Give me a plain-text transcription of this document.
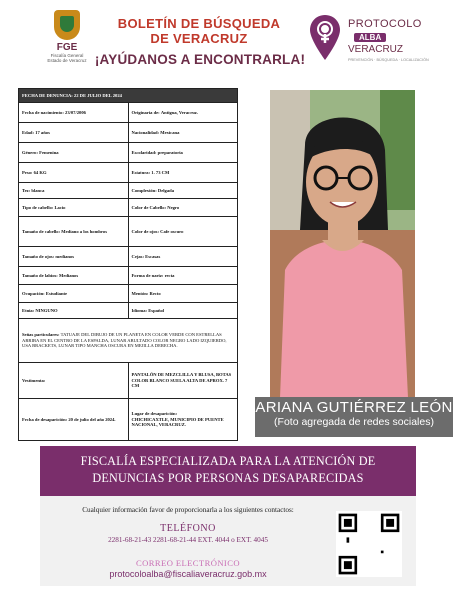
FGE
Fiscalía General
Estado de Veracruz
BOLETÍN DE BÚSQUEDA
DE VERACRUZ
¡AYÚDANOS A ENCONTRARLA!
PROTOCOLO
ALBA
VERACRUZ
PREVENCIÓN · BÚSQUEDA · LOCALIZACIÓN
FECHA DE DENUNCIA: 22 DE JULIO DEL 2024	
Fecha de nacimiento: 23/07/2006	Originaria de: Antigua, Veracruz.
Edad: 17 años	Nacionalidad: Mexicana
Género: Femenina	Escolaridad: preparatoria
Peso: 64 KG	Estatura: 1. 73 CM
Tez: blanca	Complexión: Delgada
Tipo de cabello: Lacio	Color de Cabello: Negro
Tamaño de cabello: Mediano a los hombros	Color de ojos: Cafe oscuro
Tamaño de ojos: medianos	Cejas: Escasas
Tamaño de labios: Medianos	Forma de nariz: recta
Ocupación: Estudiante	Mentón: Recto
Etnia: NINGUNO	Idioma: Español
Señas particulares: TATUAJE DEL DIBUJO DE UN PLANETA EN COLOR VERDE CON ESTRELLAS ARRIBA EN EL CENTRO DE LA ESPALDA, LUNAR ABULTADO COLOR NEGRO LADO IZQUIERDO, USA BRACKETS, LUNAR TIPO MANCHA OSCURA EN MEJILLA DERECHA.	
Vestimenta:	PANTALÓN DE MEZCLILLA Y BLUSA, BOTAS COLOR BLANCO SUELA ALTA DE APROX. 7 CM
Fecha de desaparición: 20 de julio del año 2024.	Lugar de desaparición:
CHICHICAXTLE, MUNICIPIO DE PUENTE NACIONAL, VERACRUZ.
ARIANA GUTIÉRREZ LEÓN
(Foto agregada de redes sociales)
FISCALÍA ESPECIALIZADA PARA LA ATENCIÓN DE
DENUNCIAS POR PERSONAS DESAPARECIDAS
Cualquier información favor de proporcionarla a los siguientes contactos:
TELÉFONO
2281-68-21-43 2281-68-21-44 EXT. 4044 o EXT. 4045
CORREO ELECTRÓNICO
protocoloalba@fiscaliaveracruz.gob.mx
